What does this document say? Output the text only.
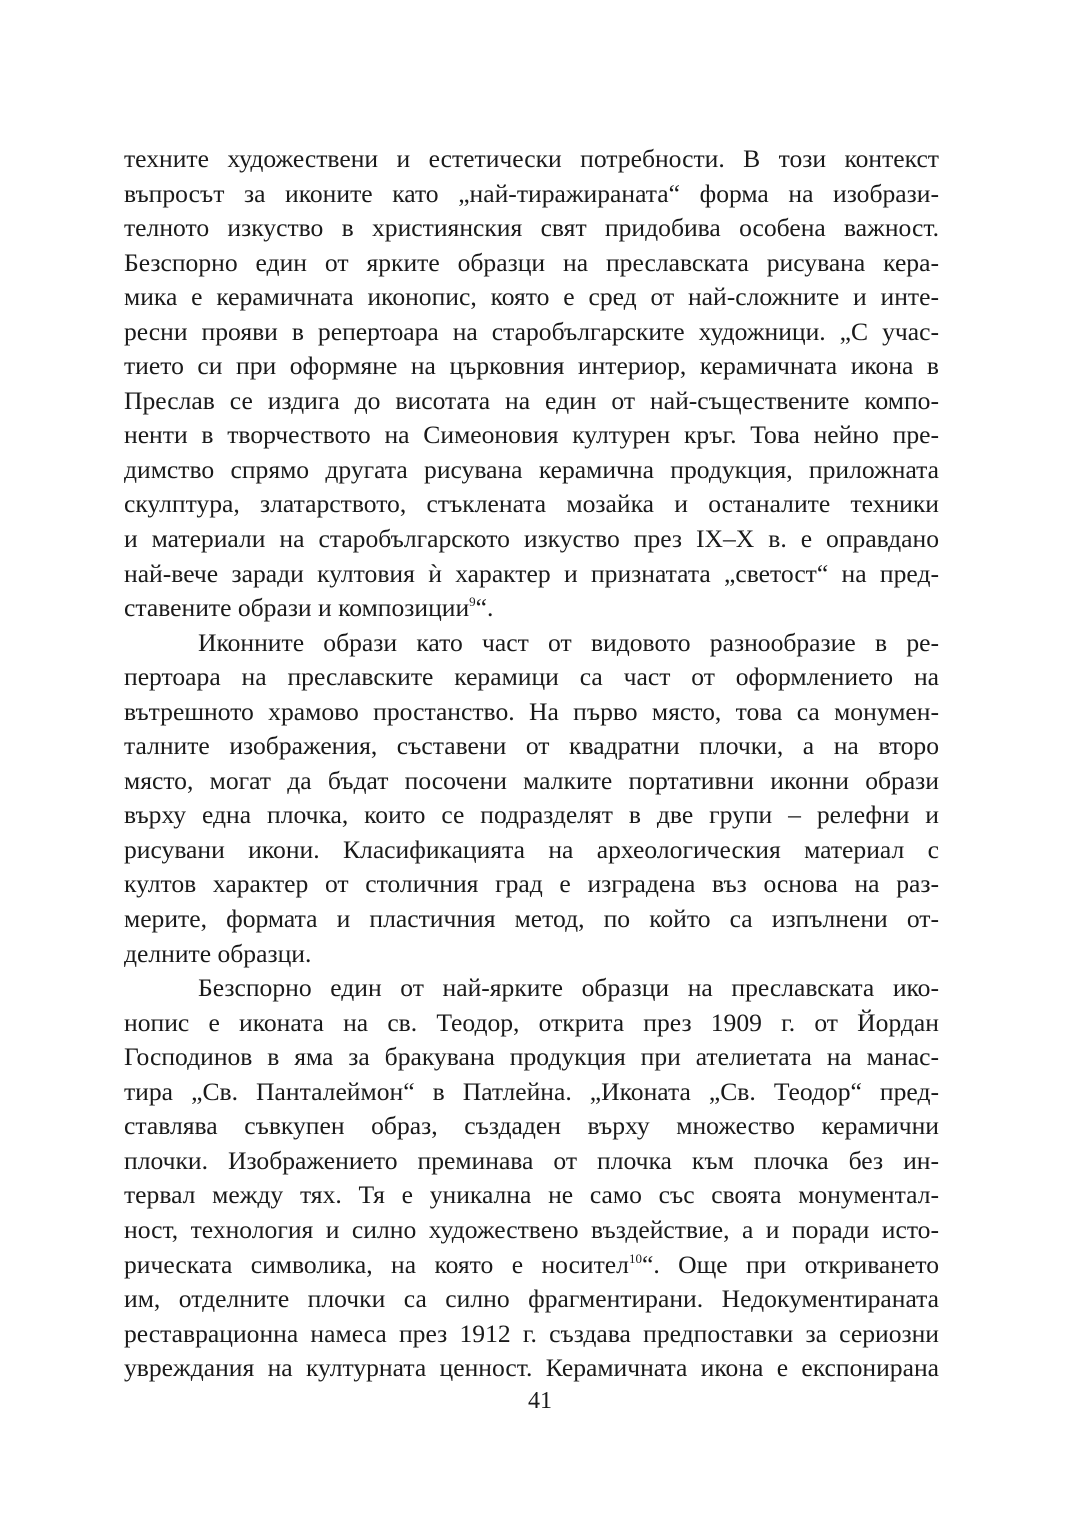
техните художествени и естетически потребности. В този контекст
въпросът за иконите като „най-тиражираната“ форма на изобрази-
телното изкуство в християнския свят придобива особена важност.
Безспорно един от ярките образци на преславската рисувана кера-
мика е керамичната иконопис, която е сред от най-сложните и инте-
ресни прояви в репертоара на старобългарските художници. „С учас-
тието си при оформяне на църковния интериор, керамичната икона в
Преслав се издига до висотата на един от най-съществените компо-
ненти в творчеството на Симеоновия културен кръг. Това нейно пре-
димство спрямо другата рисувана керамична продукция, приложната
скулптура, златарството, стъклената мозайка и останалите техники
и материали на старобългарското изкуство през IX–X в. е оправдано
най-вече заради култовия ѝ характер и признатата „светост“ на пред-
ставените образи и композиции$^9$“.
Иконните образи като част от видовото разнообразие в ре-
пертоара на преславските керамици са част от оформлението на
вътрешното храмово простанство. На първо място, това са монумен-
талните изображения, съставени от квадратни плочки, а на второ
място, могат да бъдат посочени малките портативни иконни образи
върху една плочка, които се подразделят в две групи – релефни и
рисувани икони. Класификацията на археологическия материал с
култов характер от столичния град е изградена въз основа на раз-
мерите, формата и пластичния метод, по който са изпълнени от-
делните образци.
Безспорно един от най-ярките образци на преславската ико-
нопис е иконата на св. Теодор, открита през 1909 г. от Йордан
Господинов в яма за бракувана продукция при ателиетата на манас-
тира „Св. Панталеймон“ в Патлейна. „Иконата „Св. Теодор“ пред-
ставлява съвкупен образ, създаден върху множество керамични
плочки. Изображението преминава от плочка към плочка без ин-
тервал между тях. Тя е уникална не само със своята монументал-
ност, технология и силно художествено въздействие, а и поради исто-
рическата символика, на която е носител$^{10}$“. Още при откриването
им, отделните плочки са силно фрагментирани. Недокументираната
реставрационна намеса през 1912 г. създава предпоставки за сериозни
увреждания на културната ценност. Керамичната икона е експонирана
41
